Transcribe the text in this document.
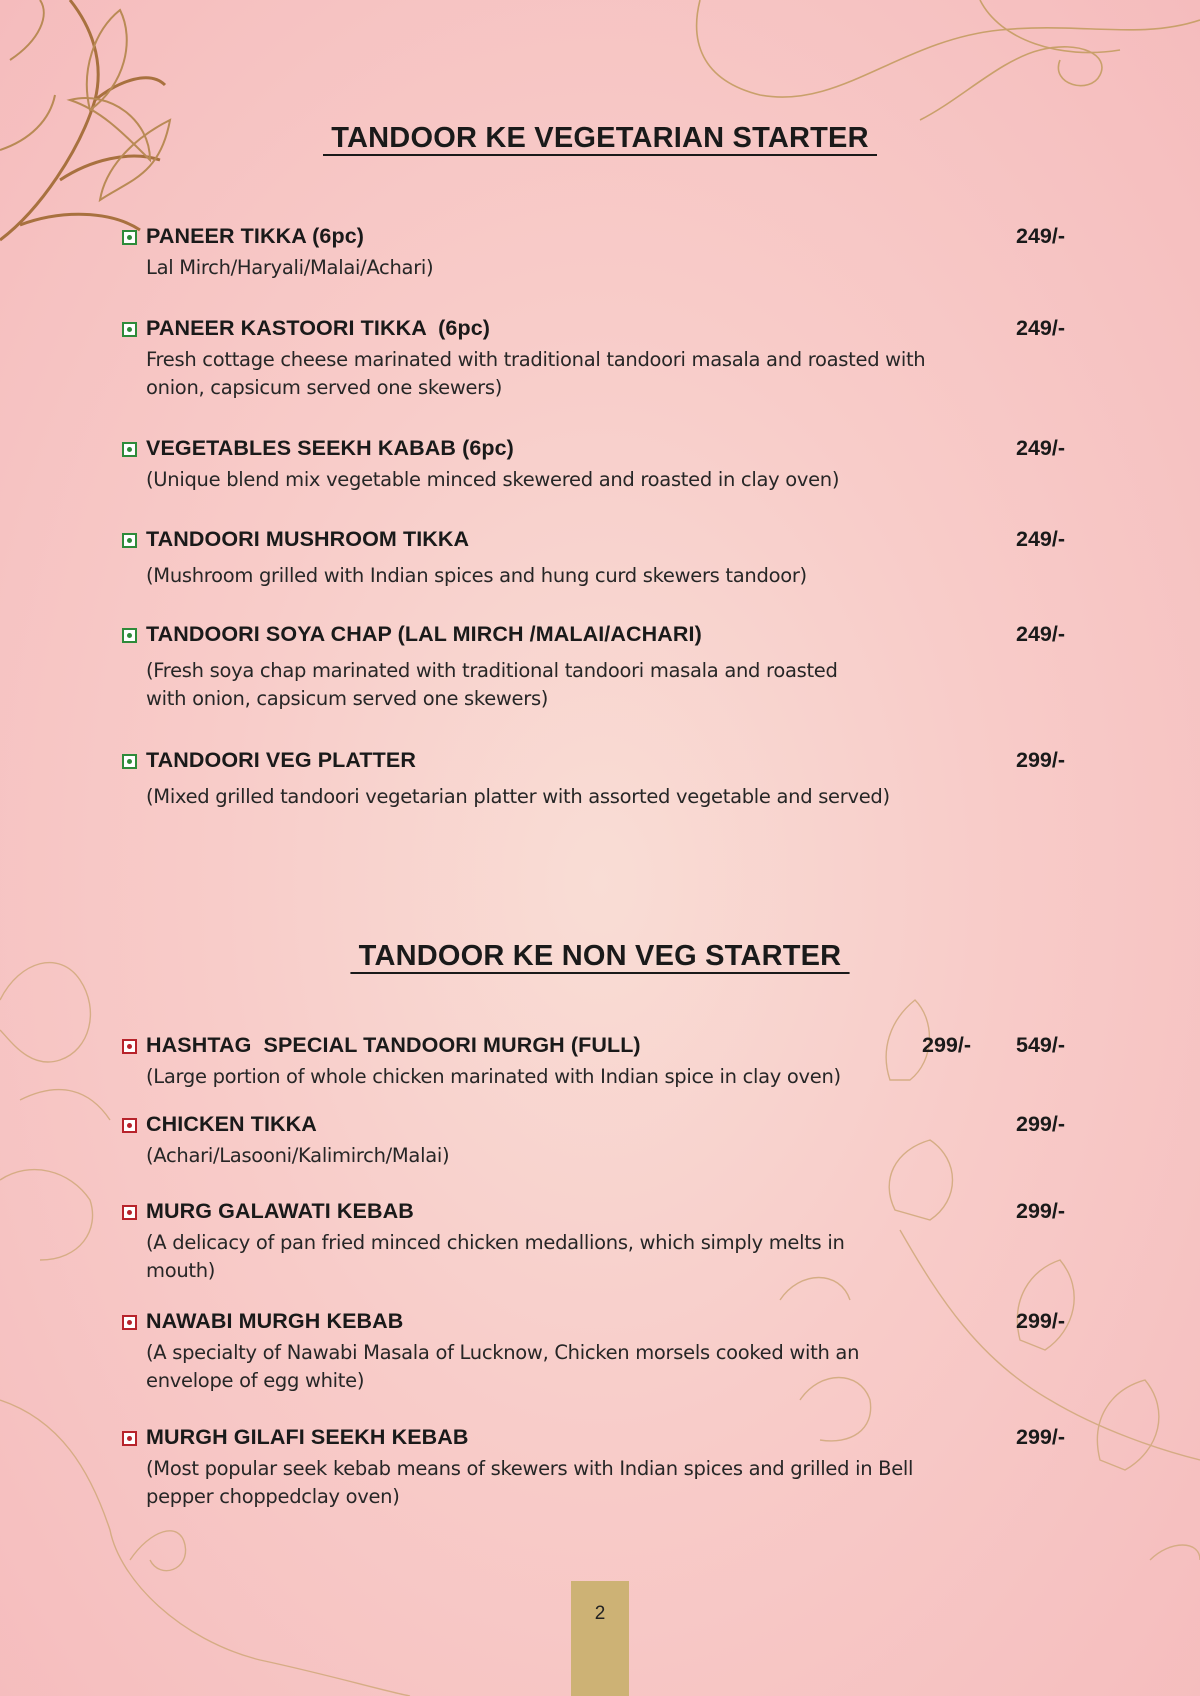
TANDOOR KE VEGETARIAN STARTER
PANEER TIKKA (6pc)	249/-
Lal Mirch/Haryali/Malai/Achari)
PANEER KASTOORI TIKKA  (6pc)	249/-
Fresh cottage cheese marinated with traditional tandoori masala and roasted with onion, capsicum served one skewers)
VEGETABLES SEEKH KABAB (6pc)	249/-
(Unique blend mix vegetable minced skewered and roasted in clay oven)
TANDOORI MUSHROOM TIKKA	249/-
(Mushroom grilled with Indian spices and hung curd skewers tandoor)
TANDOORI SOYA CHAP (LAL MIRCH /MALAI/ACHARI)	249/-
(Fresh soya chap marinated with traditional tandoori masala and roasted with onion, capsicum served one skewers)
TANDOORI VEG PLATTER	299/-
(Mixed grilled tandoori vegetarian platter with assorted vegetable and served)
TANDOOR KE NON VEG STARTER
HASHTAG  SPECIAL TANDOORI MURGH (FULL)	299/- 549/-
(Large portion of whole chicken marinated with Indian spice in clay oven)
CHICKEN TIKKA	299/-
(Achari/Lasooni/Kalimirch/Malai)
MURG GALAWATI KEBAB	299/-
(A delicacy of pan fried minced chicken medallions, which simply melts in mouth)
NAWABI MURGH KEBAB	299/-
(A specialty of Nawabi Masala of Lucknow, Chicken morsels cooked with an envelope of egg white)
MURGH GILAFI SEEKH KEBAB	299/-
(Most popular seek kebab means of skewers with Indian spices and grilled in Bell pepper choppedclay oven)
2
